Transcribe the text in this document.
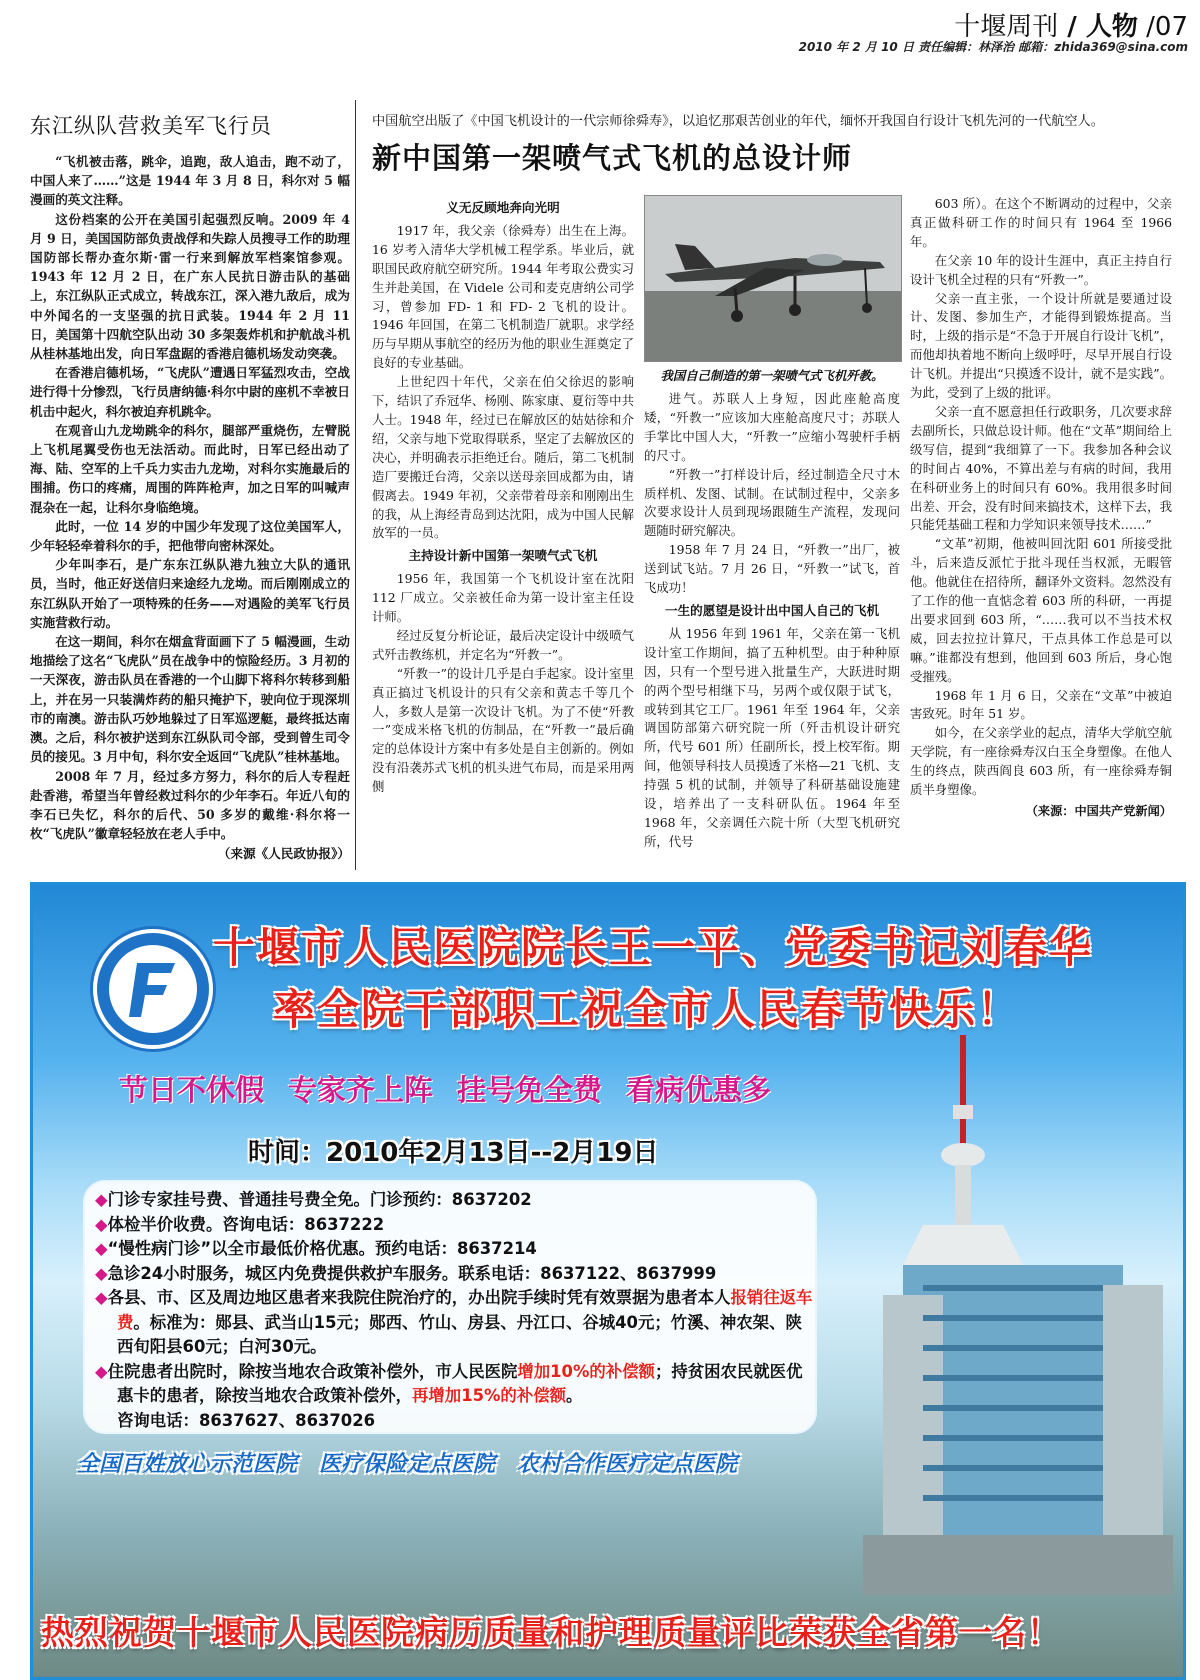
十堰周刊 / 人物 /07
2010 年 2 月 10 日 责任编辑：林泽治 邮箱：zhida369@sina.com
东江纵队营救美军飞行员

“飞机被击落，跳伞，追跑，敌人追击，跑不动了，中国人来了……”这是 1944 年 3 月 8 日，科尔对 5 幅漫画的英文注释。

这份档案的公开在美国引起强烈反响。2009 年 4 月 9 日，美国国防部负责战俘和失踪人员搜寻工作的助理国防部长帮办查尔斯·雷一行来到解放军档案馆参观。1943 年 12 月 2 日，在广东人民抗日游击队的基础上，东江纵队正式成立，转战东江，深入港九敌后，成为中外闻名的一支坚强的抗日武装。1944 年 2 月 11 日，美国第十四航空队出动 30 多架轰炸机和护航战斗机从桂林基地出发，向日军盘踞的香港启德机场发动突袭。

在香港启德机场，“飞虎队”遭遇日军猛烈攻击，空战进行得十分惨烈，飞行员唐纳德·科尔中尉的座机不幸被日机击中起火，科尔被迫弃机跳伞。

在观音山九龙坳跳伞的科尔，腿部严重烧伤，左臂脱上飞机尾翼受伤也无法活动。而此时，日军已经出动了海、陆、空军的上千兵力实击九龙坳，对科尔实施最后的围捕。伤口的疼痛，周围的阵阵枪声，加之日军的叫喊声混杂在一起，让科尔身临绝境。

此时，一位 14 岁的中国少年发现了这位美国军人，少年轻轻牵着科尔的手，把他带向密林深处。

少年叫李石，是广东东江纵队港九独立大队的通讯员，当时，他正好送信归来途经九龙坳。而后刚刚成立的东江纵队开始了一项特殊的任务——对遇险的美军飞行员实施营救行动。

在这一期间，科尔在烟盒背面画下了 5 幅漫画，生动地描绘了这名“飞虎队”员在战争中的惊险经历。3 月初的一天深夜，游击队员在香港的一个山脚下将科尔转移到船上，并在另一只装满炸药的船只掩护下，驶向位于现深圳市的南澳。游击队巧妙地躲过了日军巡逻艇，最终抵达南澳。之后，科尔被护送到东江纵队司令部，受到曾生司令员的接见。3 月中旬，科尔安全返回“飞虎队”桂林基地。

2008 年 7 月，经过多方努力，科尔的后人专程赶赴香港，希望当年曾经救过科尔的少年李石。年近八旬的李石已失忆，科尔的后代、50 多岁的戴维·科尔将一枚“飞虎队”徽章轻轻放在老人手中。

（来源《人民政协报》）

中国航空出版了《中国飞机设计的一代宗师徐舜寿》，以追忆那艰苦创业的年代，缅怀开我国自行设计飞机先河的一代航空人。
新中国第一架喷气式飞机的总设计师
义无反顾地奔向光明

1917 年，我父亲（徐舜寿）出生在上海。16 岁考入清华大学机械工程学系。毕业后，就职国民政府航空研究所。1944 年考取公费实习生并赴美国，在 Videle 公司和麦克唐纳公司学习，曾参加 FD- 1 和 FD- 2 飞机的设计。1946 年回国，在第二飞机制造厂就职。求学经历与早期从事航空的经历为他的职业生涯奠定了良好的专业基础。

上世纪四十年代，父亲在伯父徐迟的影响下，结识了乔冠华、杨刚、陈家康、夏衍等中共人士。1948 年，经过已在解放区的姑姑徐和介绍，父亲与地下党取得联系，坚定了去解放区的决心，并明确表示拒绝迁台。随后，第二飞机制造厂要搬迁台湾，父亲以送母亲回成都为由，请假离去。1949 年初，父亲带着母亲和刚刚出生的我，从上海经青岛到达沈阳，成为中国人民解放军的一员。

主持设计新中国第一架喷气式飞机

1956 年，我国第一个飞机设计室在沈阳 112 厂成立。父亲被任命为第一设计室主任设计师。

经过反复分析论证，最后决定设计中级喷气式歼击教练机，并定名为“歼教一”。

“歼教一”的设计几乎是白手起家。设计室里真正搞过飞机设计的只有父亲和黄志千等几个人，多数人是第一次设计飞机。为了不使“歼教一”变成米格飞机的仿制品，在“歼教一”最后确定的总体设计方案中有多处是自主创新的。例如没有沿袭苏式飞机的机头进气布局，而是采用两侧

我国自己制造的第一架喷气式飞机歼教。

进气。苏联人上身短，因此座舱高度矮，“歼教一”应该加大座舱高度尺寸；苏联人手掌比中国人大，“歼教一”应缩小驾驶杆手柄的尺寸。

“歼教一”打样设计后，经过制造全尺寸木质样机、发图、试制。在试制过程中，父亲多次要求设计人员到现场跟随生产流程，发现问题随时研究解决。

1958 年 7 月 24 日，“歼教一”出厂，被送到试飞站。7 月 26 日，“歼教一”试飞，首飞成功！

一生的愿望是设计出中国人自己的飞机

从 1956 年到 1961 年，父亲在第一飞机设计室工作期间，搞了五种机型。由于种种原因，只有一个型号进入批量生产，大跃进时期的两个型号相继下马，另两个或仅限于试飞，或转到其它工厂。1961 年至 1964 年，父亲调国防部第六研究院一所（歼击机设计研究所，代号 601 所）任副所长，授上校军衔。期间，他领导科技人员摸透了米格—21 飞机、支持强 5 机的试制，并领导了科研基础设施建设，培养出了一支科研队伍。1964 年至 1968 年，父亲调任六院十所（大型飞机研究所，代号

603 所）。在这个不断调动的过程中，父亲真正做科研工作的时间只有 1964 至 1966 年。

在父亲 10 年的设计生涯中，真正主持自行设计飞机全过程的只有“歼教一”。

父亲一直主张，一个设计所就是要通过设计、发图、参加生产，才能得到锻炼提高。当时，上级的指示是“不急于开展自行设计飞机”，而他却执着地不断向上级呼吁，尽早开展自行设计飞机。并提出“只摸透不设计，就不是实践”。为此，受到了上级的批评。

父亲一直不愿意担任行政职务，几次要求辞去副所长，只做总设计师。他在“文革”期间给上级写信，提到“我细算了一下。我参加各种会议的时间占 40%，不算出差与有病的时间，我用在科研业务上的时间只有 60%。我用很多时间出差、开会，没有时间来搞技术，这样下去，我只能凭基础工程和力学知识来领导技术……”

“文革”初期，他被叫回沈阳 601 所接受批斗，后来造反派忙于批斗现任当权派，无暇管他。他就住在招待所，翻译外文资料。忽然没有了工作的他一直惦念着 603 所的科研，一再提出要求回到 603 所，“……我可以不当技术权威，回去拉拉计算尺，干点具体工作总是可以嘛。”谁都没有想到，他回到 603 所后，身心饱受摧残。

1968 年 1 月 6 日，父亲在“文革”中被迫害致死。时年 51 岁。

如今，在父亲学业的起点，清华大学航空航天学院，有一座徐舜寿汉白玉全身塑像。在他人生的终点，陕西阎良 603 所，有一座徐舜寿铜质半身塑像。

（来源：中国共产党新闻）
十堰市人民医院院长王一平、党委书记刘春华
率全院干部职工祝全市人民春节快乐！
节日不休假 专家齐上阵 挂号免全费 看病优惠多
时间：2010年2月13日--2月19日

◆门诊专家挂号费、普通挂号费全免。门诊预约：8637202

◆体检半价收费。咨询电话：8637222

◆“慢性病门诊”以全市最低价格优惠。预约电话：8637214

◆急诊24小时服务，城区内免费提供救护车服务。联系电话：8637122、8637999

◆各县、市、区及周边地区患者来我院住院治疗的，办出院手续时凭有效票据为患者本人报销往返车费。标准为：郧县、武当山15元；郧西、竹山、房县、丹江口、谷城40元；竹溪、神农架、陕西旬阳县60元；白河30元。

◆住院患者出院时，除按当地农合政策补偿外，市人民医院增加10%的补偿额；持贫困农民就医优惠卡的患者，除按当地农合政策补偿外，再增加15%的补偿额。

咨询电话：8637627、8637026

全国百姓放心示范医院 医疗保险定点医院 农村合作医疗定点医院
热烈祝贺十堰市人民医院病历质量和护理质量评比荣获全省第一名！
